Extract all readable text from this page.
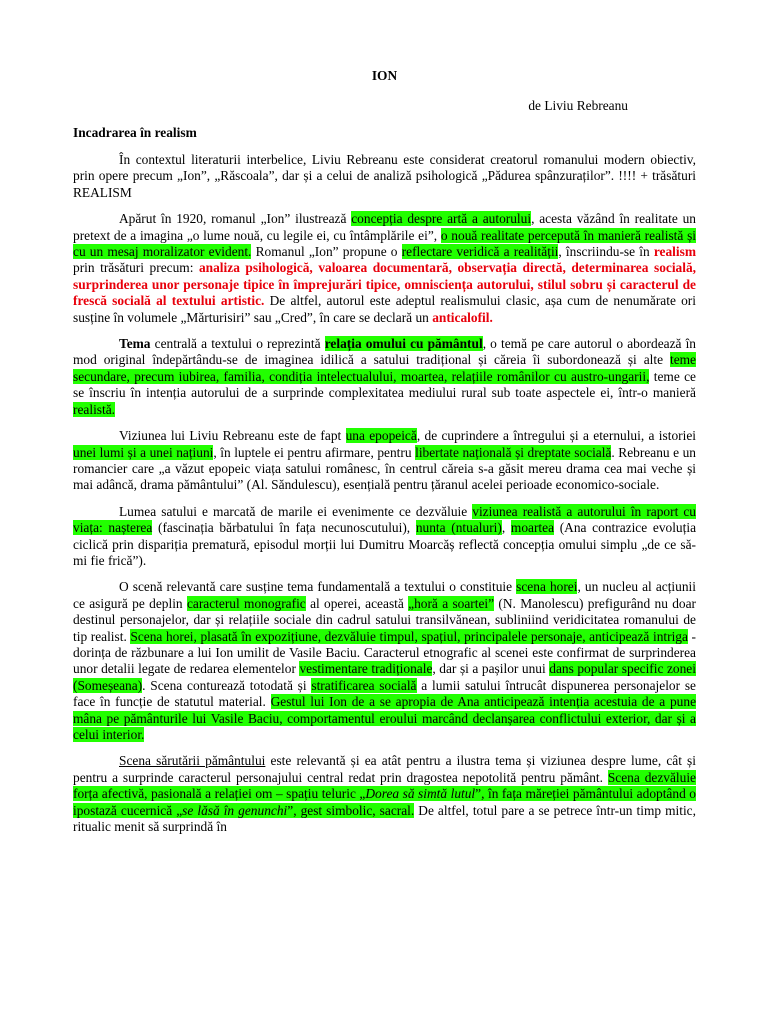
ION
de Liviu Rebreanu
Incadrarea în realism

În contextul literaturii interbelice, Liviu Rebreanu este considerat creatorul romanului modern obiectiv, prin opere precum „Ion”, „Răscoala”, dar și a celui de analiză psihologică „Pădurea spânzuraților”. !!!! + trăsături REALISM

Apărut în 1920, romanul „Ion” ilustrează concepția despre artă a autorului, acesta văzând în realitate un pretext de a imagina „o lume nouă, cu legile ei, cu întâmplările ei”, o nouă realitate percepută în manieră realistă și cu un mesaj moralizator evident. Romanul „Ion” propune o reflectare veridică a realității, înscriindu-se în realism prin trăsături precum: analiza psihologică, valoarea documentară, observația directă, determinarea socială, surprinderea unor personaje tipice în împrejurări tipice, omnisciența autorului, stilul sobru și caracterul de frescă socială al textului artistic. De altfel, autorul este adeptul realismului clasic, așa cum de nenumărate ori susține în volumele „Mărturisiri” sau „Cred”, în care se declară un anticalofil.

Tema centrală a textului o reprezintă relația omului cu pământul, o temă pe care autorul o abordează în mod original îndepărtându-se de imaginea idilică a satului tradițional și căreia îi subordonează și alte teme secundare, precum iubirea, familia, condiția intelectualului, moartea, relațiile românilor cu austro-ungarii, teme ce se înscriu în intenția autorului de a surprinde complexitatea mediului rural sub toate aspectele ei, într-o manieră realistă.

Viziunea lui Liviu Rebreanu este de fapt una epopeică, de cuprindere a întregului și a eternului, a istoriei unei lumi și a unei națiuni, în luptele ei pentru afirmare, pentru libertate națională și dreptate socială. Rebreanu e un romancier care „a văzut epopeic viața satului românesc, în centrul căreia s-a găsit mereu drama cea mai veche și mai adâncă, drama pământului” (Al. Săndulescu), esențială pentru țăranul acelei perioade economico-sociale.

Lumea satului e marcată de marile ei evenimente ce dezvăluie viziunea realistă a autorului în raport cu viața: nașterea (fascinația bărbatului în fața necunoscutului), nunta (ntualuri), moartea (Ana contrazice evoluția ciclică prin dispariția prematură, episodul morții lui Dumitru Moarcăș reflectă concepția omului simplu „de ce să-mi fie frică”).

O scenă relevantă care susține tema fundamentală a textului o constituie scena horei, un nucleu al acțiunii ce asigură pe deplin caracterul monografic al operei, această „horă a soartei” (N. Manolescu) prefigurând nu doar destinul personajelor, dar și relațiile sociale din cadrul satului transilvănean, subliniind veridicitatea romanului de tip realist. Scena horei, plasată în expozițiune, dezvăluie timpul, spațiul, principalele personaje, anticipează intriga - dorința de răzbunare a lui Ion umilit de Vasile Baciu. Caracterul etnografic al scenei este confirmat de surprinderea unor detalii legate de redarea elementelor vestimentare tradiționale, dar și a pașilor unui dans popular specific zonei (Someșeana). Scena conturează totodată și stratificarea socială a lumii satului întrucât dispunerea personajelor se face în funcție de statutul material. Gestul lui Ion de a se apropia de Ana anticipează intenția acestuia de a pune mâna pe pământurile lui Vasile Baciu, comportamentul eroului marcând declanșarea conflictului exterior, dar și a celui interior.

Scena sărutării pământului este relevantă și ea atât pentru a ilustra tema și viziunea despre lume, cât și pentru a surprinde caracterul personajului central redat prin dragostea nepotolită pentru pământ. Scena dezvăluie forța afectivă, pasională a relației om – spațiu teluric „Dorea să simtă lutul”, în fața măreției pământului adoptând o ipostază cucernică „se lăsă în genunchi”, gest simbolic, sacral. De altfel, totul pare a se petrece într-un timp mitic, ritualic menit să surprindă în
